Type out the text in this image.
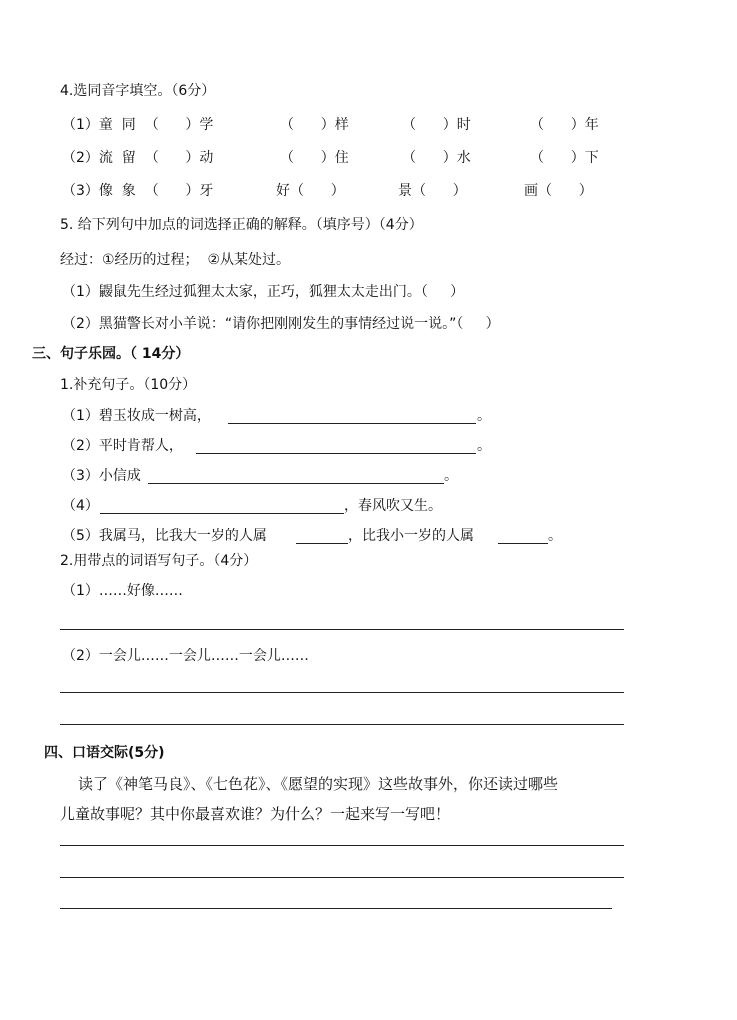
4.选同音字填空。（6分）
（1）童  同  （      ）学	（      ）样	（      ）时	（      ）年
（2）流  留  （      ）动	（      ）住	（      ）水	（      ）下
（3）像  象  （      ）牙	好（      ）	景（      ）	画（      ）
5. 给下列句中加点的词选择正确的解释。（填序号）（4分）
经过：①经历的过程；  ②从某处过。
（1）鼹鼠先生经过狐狸太太家，正巧，狐狸太太走出门。（     ）
（2）黑猫警长对小羊说：“请你把刚刚发生的事情经过说一说。”（     ）
三、句子乐园。（ 14分）
1.补充句子。（10分）
（1）碧玉妆成一树高，	。
（2）平时肯帮人，	。
（3）小信成	。
（4）	，春风吹又生。
（5）我属马，比我大一岁的人属	，比我小一岁的人属	。
2.用带点的词语写句子。（4分）
（1）……好像……
（2）一会儿……一会儿……一会儿……
四、口语交际(5分)
读了《神笔马良》、《七色花》、《愿望的实现》这些故事外，你还读过哪些
儿童故事呢？其中你最喜欢谁？为什么？一起来写一写吧！
